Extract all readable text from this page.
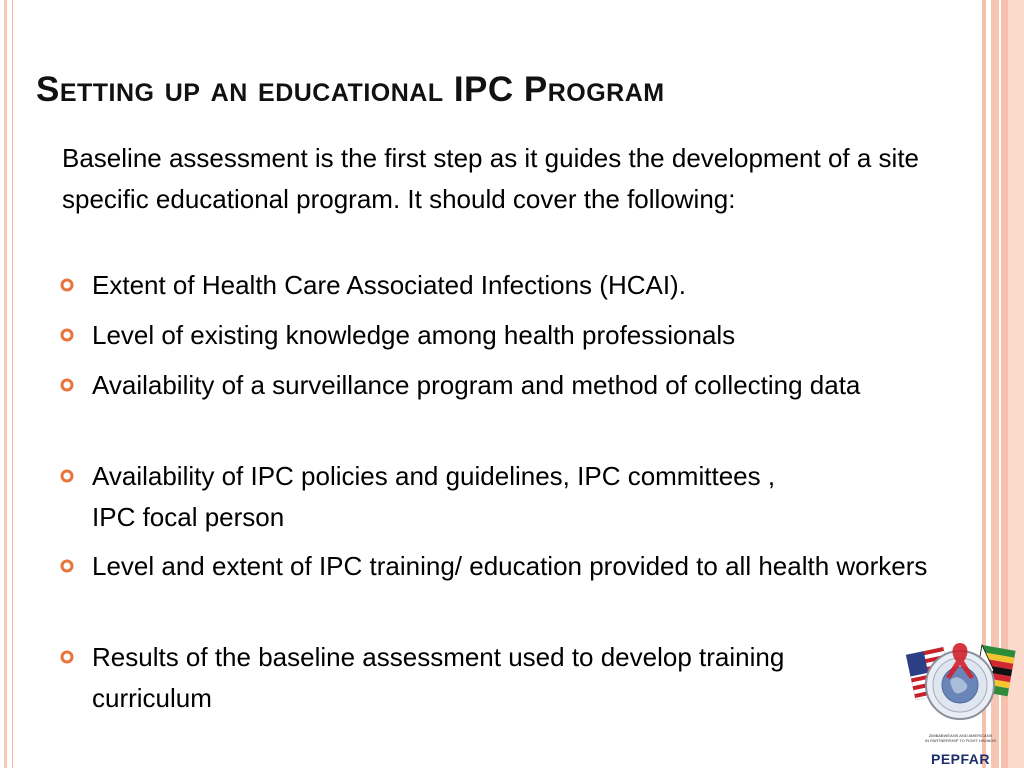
Setting up an educational IPC Program

Baseline assessment is the first step as it guides the development of a site specific educational program. It should cover the following:

Extent of Health Care Associated Infections (HCAI).
Level of existing knowledge among health professionals
Availability of a surveillance program and method of collecting data
Availability of IPC policies and guidelines, IPC committees , IPC focal person
Level and extent of IPC training/ education provided to all health workers
Results of the baseline assessment used to develop training curriculum
ZIMBABWEANS AND AMERICANS
IN PARTNERSHIP TO FIGHT HIV/AIDS
PEPFAR
